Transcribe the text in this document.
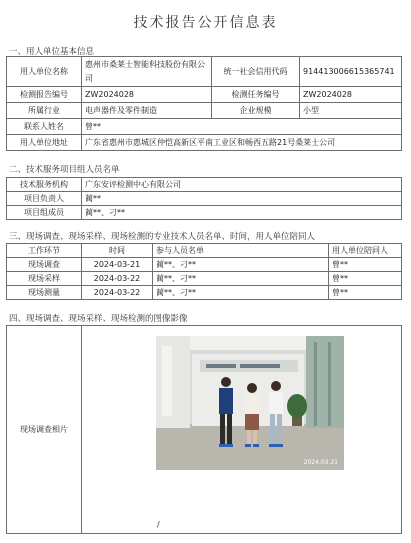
技术报告公开信息表
一、用人单位基本信息
用人单位名称	惠州市桑莱士智能科技股份有限公司	统一社会信用代码	914413006615365741
检测报告编号	ZW2024028	检测任务编号	ZW2024028
所属行业	电声器件及零件制造	企业规模	小型
联系人姓名	曾**		
用人单位地址	广东省惠州市惠城区仲恺高新区平南工业区和畅西五路21号桑莱士公司		
二、技术服务项目组人员名单
技术服务机构	广东安评检测中心有限公司
项目负责人	蔺**
项目组成员	蔺**、刁**
三、现场调查、现场采样、现场检测的专业技术人员名单、时间，用人单位陪同人
工作环节	时间	参与人员名单	用人单位陪同人
现场调查	2024-03-21	蔺**、刁**	曾**
现场采样	2024-03-22	蔺**、刁**	曾**
现场测量	2024-03-22	蔺**、刁**	曾**
四、现场调查、现场采样、现场检测的图像影像
现场调查相片	
2024.03.21
/
